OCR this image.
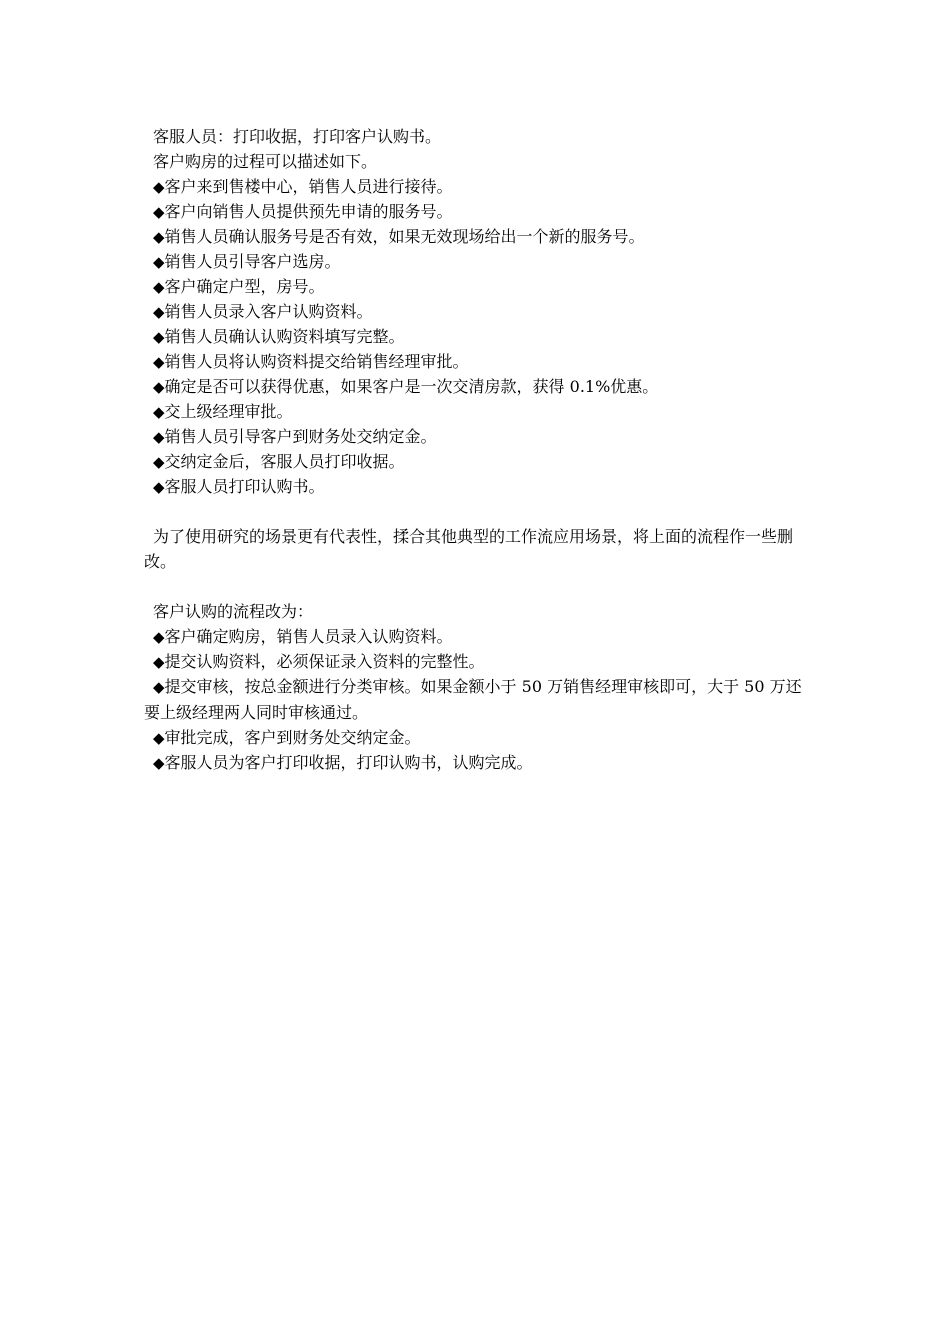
客服人员：打印收据，打印客户认购书。
客户购房的过程可以描述如下。
◆客户来到售楼中心，销售人员进行接待。
◆客户向销售人员提供预先申请的服务号。
◆销售人员确认服务号是否有效，如果无效现场给出一个新的服务号。
◆销售人员引导客户选房。
◆客户确定户型，房号。
◆销售人员录入客户认购资料。
◆销售人员确认认购资料填写完整。
◆销售人员将认购资料提交给销售经理审批。
◆确定是否可以获得优惠，如果客户是一次交清房款，获得 0.1%优惠。
◆交上级经理审批。
◆销售人员引导客户到财务处交纳定金。
◆交纳定金后，客服人员打印收据。
◆客服人员打印认购书。
为了使用研究的场景更有代表性，揉合其他典型的工作流应用场景，将上面的流程作一些删改。
客户认购的流程改为：
◆客户确定购房，销售人员录入认购资料。
◆提交认购资料，必须保证录入资料的完整性。
◆提交审核，按总金额进行分类审核。如果金额小于 50 万销售经理审核即可，大于 50 万还要上级经理两人同时审核通过。
◆审批完成，客户到财务处交纳定金。
◆客服人员为客户打印收据，打印认购书，认购完成。
